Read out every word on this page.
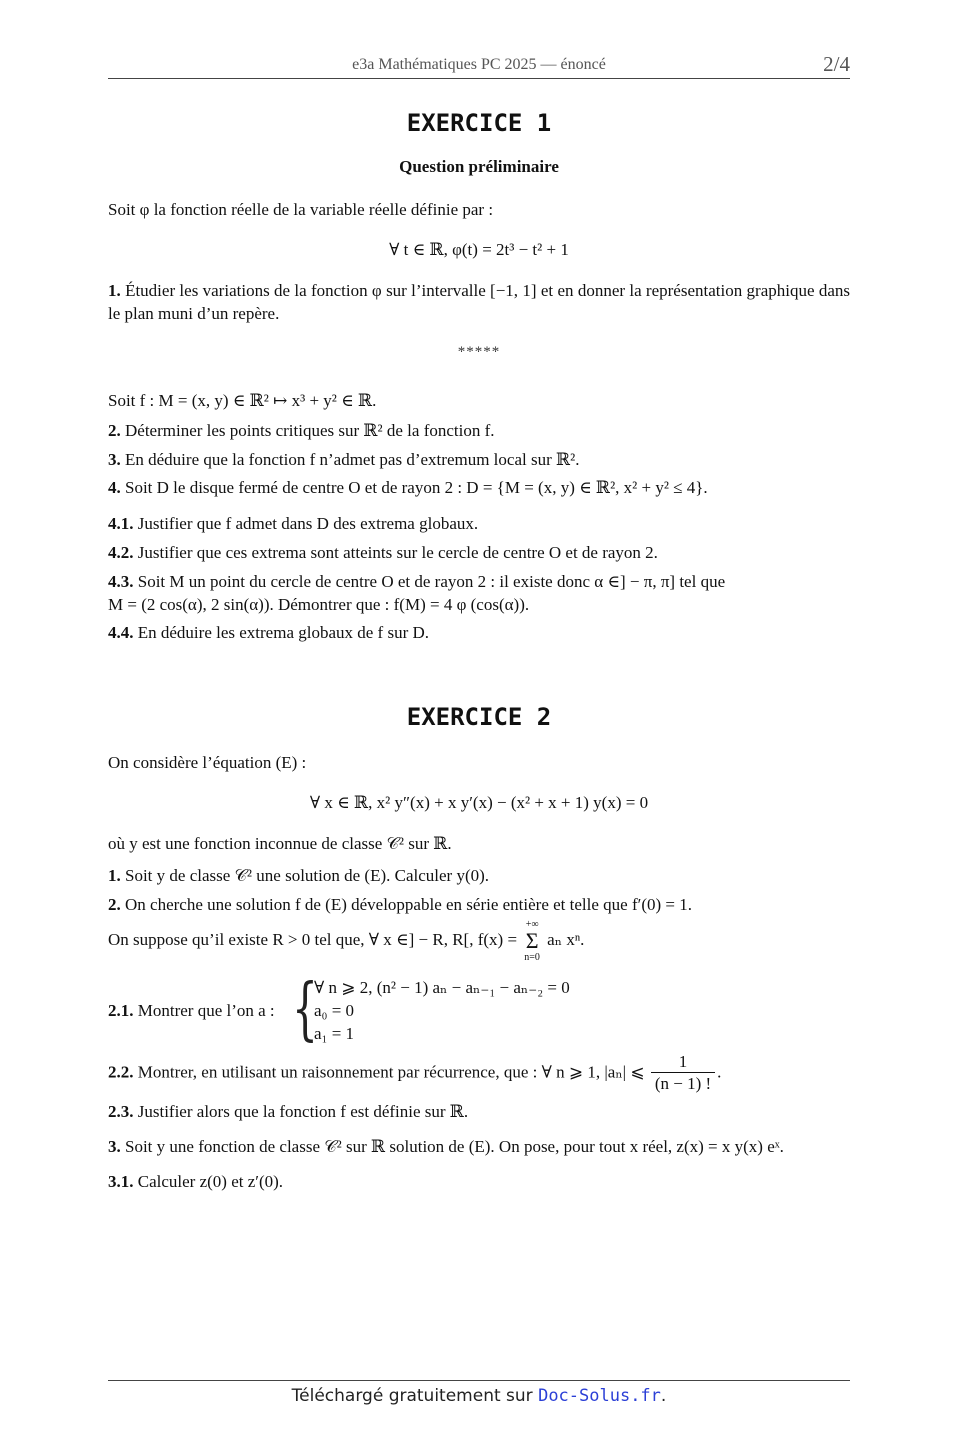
e3a Mathématiques PC 2025 — énoncé	2/4
EXERCICE 1
Question préliminaire
Soit φ la fonction réelle de la variable réelle définie par :
∀ t ∈ ℝ, φ(t) = 2t³ − t² + 1
1. Étudier les variations de la fonction φ sur l’intervalle [−1, 1] et en donner la représentation graphique dans le plan muni d’un repère.
*****
Soit f : M = (x, y) ∈ ℝ² ↦ x³ + y² ∈ ℝ.
2. Déterminer les points critiques sur ℝ² de la fonction f.
3. En déduire que la fonction f n’admet pas d’extremum local sur ℝ².
4. Soit D le disque fermé de centre O et de rayon 2 : D = {M = (x, y) ∈ ℝ², x² + y² ≤ 4}.
4.1. Justifier que f admet dans D des extrema globaux.
4.2. Justifier que ces extrema sont atteints sur le cercle de centre O et de rayon 2.
4.3. Soit M un point du cercle de centre O et de rayon 2 : il existe donc α ∈] − π, π] tel que
M = (2 cos(α), 2 sin(α)). Démontrer que : f(M) = 4 φ (cos(α)).
4.4. En déduire les extrema globaux de f sur D.
EXERCICE 2
On considère l’équation (E) :
∀ x ∈ ℝ, x² y″(x) + x y′(x) − (x² + x + 1) y(x) = 0
où y est une fonction inconnue de classe 𝒞² sur ℝ.
1. Soit y de classe 𝒞² une solution de (E). Calculer y(0).
2. On cherche une solution f de (E) développable en série entière et telle que f′(0) = 1.
On suppose qu’il existe R > 0 tel que, ∀ x ∈] − R, R[, f(x) =
+∞
Σ
n=0
aₙ xⁿ.
2.1. Montrer que l’on a : {
∀ n ⩾ 2, (n² − 1) aₙ − aₙ₋₁ − aₙ₋₂ = 0
a₀ = 0
a₁ = 1
2.2. Montrer, en utilisant un raisonnement par récurrence, que : ∀ n ⩾ 1, |aₙ| ⩽ $\frac{1}{(n - 1) !}$ .
2.3. Justifier alors que la fonction f est définie sur ℝ.
3. Soit y une fonction de classe 𝒞² sur ℝ solution de (E). On pose, pour tout x réel, z(x) = x y(x) eˣ.
3.1. Calculer z(0) et z′(0).
Téléchargé gratuitement sur Doc-Solus.fr.
